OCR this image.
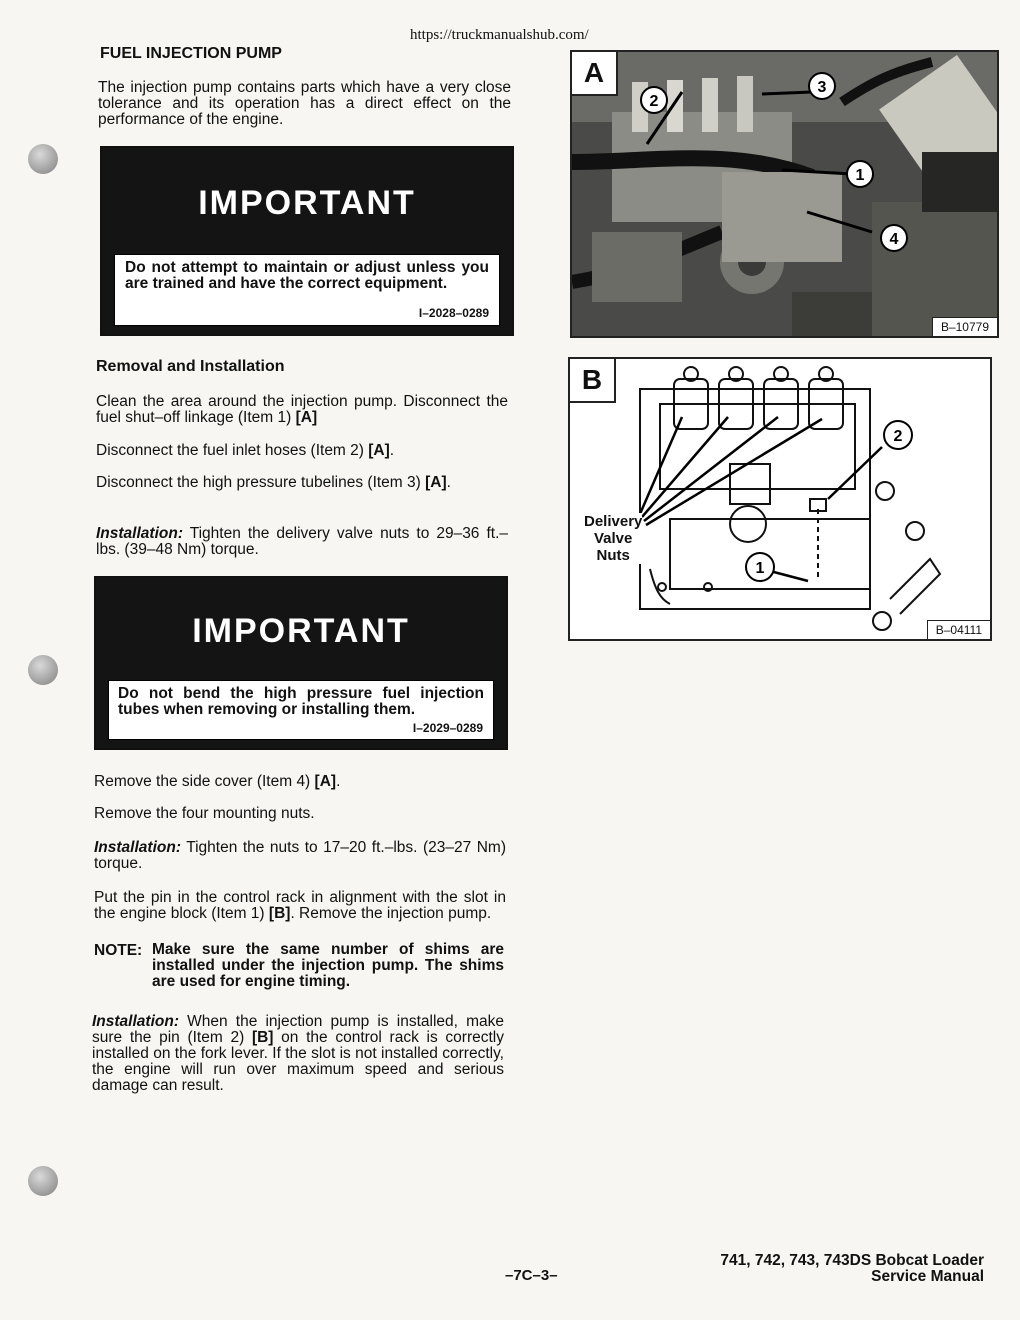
https://truckmanualshub.com/
FUEL INJECTION PUMP
The injection pump contains parts which have a very close tolerance and its operation has a direct effect on the performance of the engine.
IMPORTANT
Do not attempt to maintain or adjust unless you are trained and have the correct equipment.
I–2028–0289
Removal and Installation
Clean the area around the injection pump. Disconnect the fuel shut–off linkage (Item 1) [A]
Disconnect the fuel inlet hoses (Item 2) [A].
Disconnect the high pressure tubelines (Item 3) [A].
Installation: Tighten the delivery valve nuts to 29–36 ft.–lbs. (39–48 Nm) torque.
IMPORTANT
Do not bend the high pressure fuel injection tubes when removing or installing them.
I–2029–0289
Remove the side cover (Item 4) [A].
Remove the four mounting nuts.
Installation: Tighten the nuts to 17–20 ft.–lbs. (23–27 Nm) torque.
Put the pin in the control rack in alignment with the slot in the engine block (Item 1) [B]. Remove the injection pump.
NOTE: Make sure the same number of shims are installed under the injection pump. The shims are used for engine timing.
Installation: When the injection pump is installed, make sure the pin (Item 2) [B] on the control rack is correctly installed on the fork lever. If the slot is not installed correctly, the engine will run over maximum speed and serious damage can result.
2
3
1
4
A
B–10779
1
2
Delivery
Valve
Nuts
B
B–04111
–7C–3–
741, 742, 743, 743DS Bobcat Loader
Service Manual
